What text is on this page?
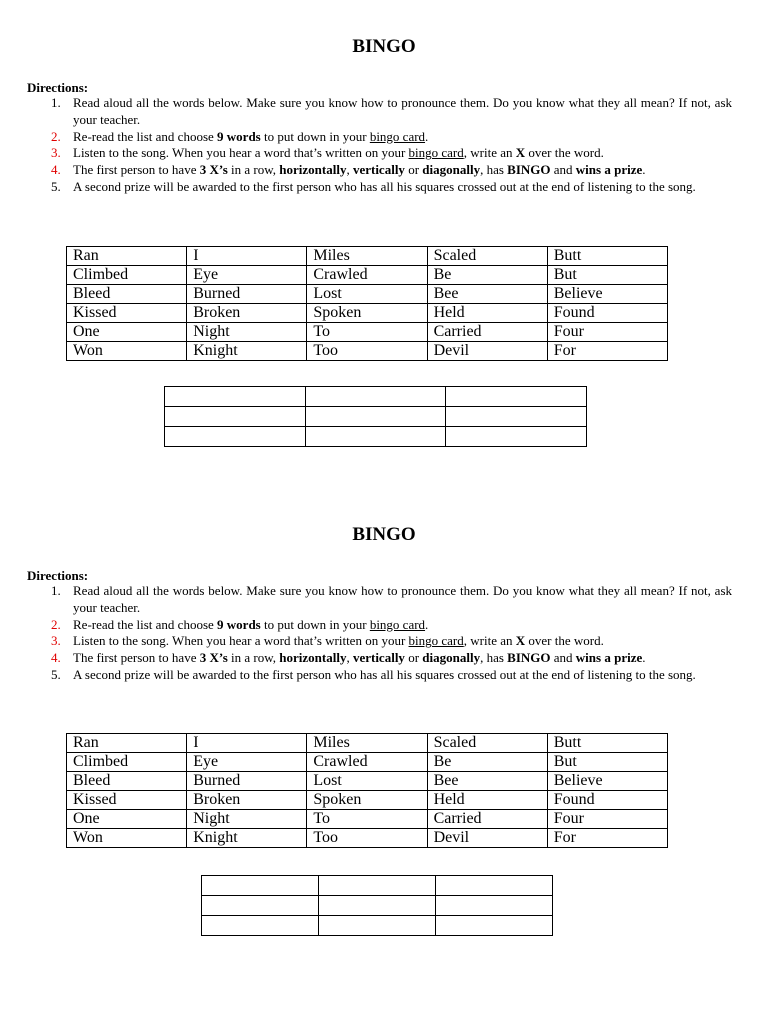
BINGO
Directions:
1. Read aloud all the words below. Make sure you know how to pronounce them. Do you know what they all mean? If not, ask your teacher.
2. Re-read the list and choose 9 words to put down in your bingo card.
3. Listen to the song. When you hear a word that’s written on your bingo card, write an X over the word.
4. The first person to have 3 X’s in a row, horizontally, vertically or diagonally, has BINGO and wins a prize.
5. A second prize will be awarded to the first person who has all his squares crossed out at the end of listening to the song.
Ran	I	Miles	Scaled	Butt
Climbed	Eye	Crawled	Be	But
Bleed	Burned	Lost	Bee	Believe
Kissed	Broken	Spoken	Held	Found
One	Night	To	Carried	Four
Won	Knight	Too	Devil	For

BINGO
Directions:
1. Read aloud all the words below. Make sure you know how to pronounce them. Do you know what they all mean? If not, ask your teacher.
2. Re-read the list and choose 9 words to put down in your bingo card.
3. Listen to the song. When you hear a word that’s written on your bingo card, write an X over the word.
4. The first person to have 3 X’s in a row, horizontally, vertically or diagonally, has BINGO and wins a prize.
5. A second prize will be awarded to the first person who has all his squares crossed out at the end of listening to the song.
Ran	I	Miles	Scaled	Butt
Climbed	Eye	Crawled	Be	But
Bleed	Burned	Lost	Bee	Believe
Kissed	Broken	Spoken	Held	Found
One	Night	To	Carried	Four
Won	Knight	Too	Devil	For
